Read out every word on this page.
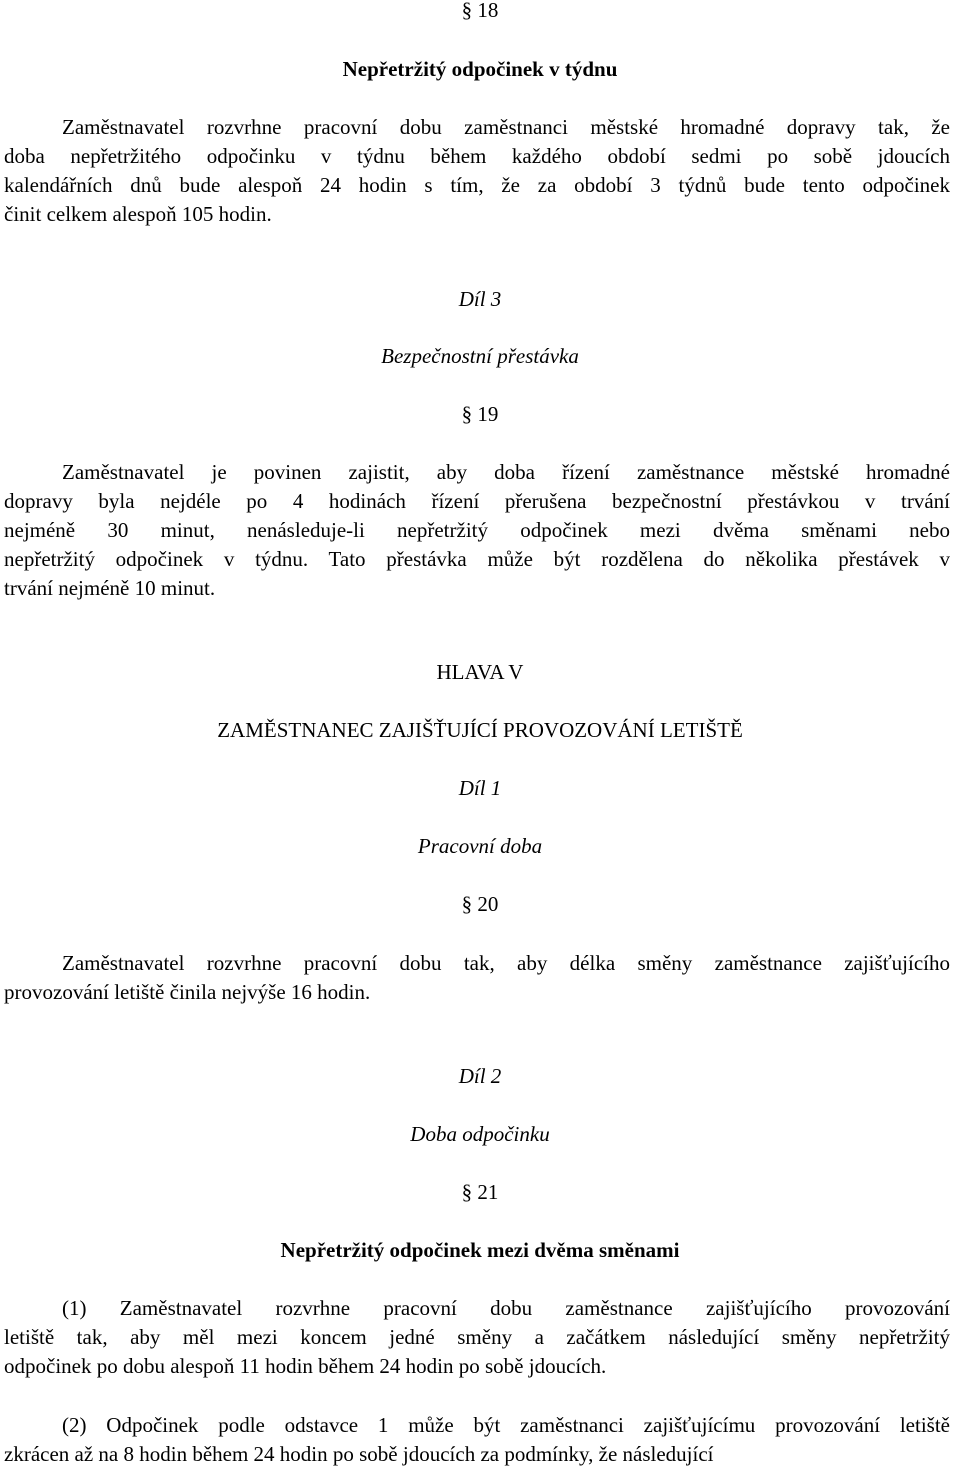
§ 18
Nepřetržitý odpočinek v týdnu
Zaměstnavatel rozvrhne pracovní dobu zaměstnanci městské hromadné dopravy tak, že
doba nepřetržitého odpočinku v týdnu během každého období sedmi po sobě jdoucích
kalendářních dnů bude alespoň 24 hodin s tím, že za období 3 týdnů bude tento odpočinek
činit celkem alespoň 105 hodin.
Díl 3
Bezpečnostní přestávka
§ 19
Zaměstnavatel je povinen zajistit, aby doba řízení zaměstnance městské hromadné
dopravy byla nejdéle po 4 hodinách řízení přerušena bezpečnostní přestávkou v trvání
nejméně 30 minut, nenásleduje-li nepřetržitý odpočinek mezi dvěma směnami nebo
nepřetržitý odpočinek v týdnu. Tato přestávka může být rozdělena do několika přestávek v
trvání nejméně 10 minut.
HLAVA V
ZAMĚSTNANEC ZAJIŠŤUJÍCÍ PROVOZOVÁNÍ LETIŠTĚ
Díl 1
Pracovní doba
§ 20
Zaměstnavatel rozvrhne pracovní dobu tak, aby délka směny zaměstnance zajišťujícího
provozování letiště činila nejvýše 16 hodin.
Díl 2
Doba odpočinku
§ 21
Nepřetržitý odpočinek mezi dvěma směnami
(1) Zaměstnavatel rozvrhne pracovní dobu zaměstnance zajišťujícího provozování
letiště tak, aby měl mezi koncem jedné směny a začátkem následující směny nepřetržitý
odpočinek po dobu alespoň 11 hodin během 24 hodin po sobě jdoucích.
(2) Odpočinek podle odstavce 1 může být zaměstnanci zajišťujícímu provozování letiště
zkrácen až na 8 hodin během 24 hodin po sobě jdoucích za podmínky, že následující
